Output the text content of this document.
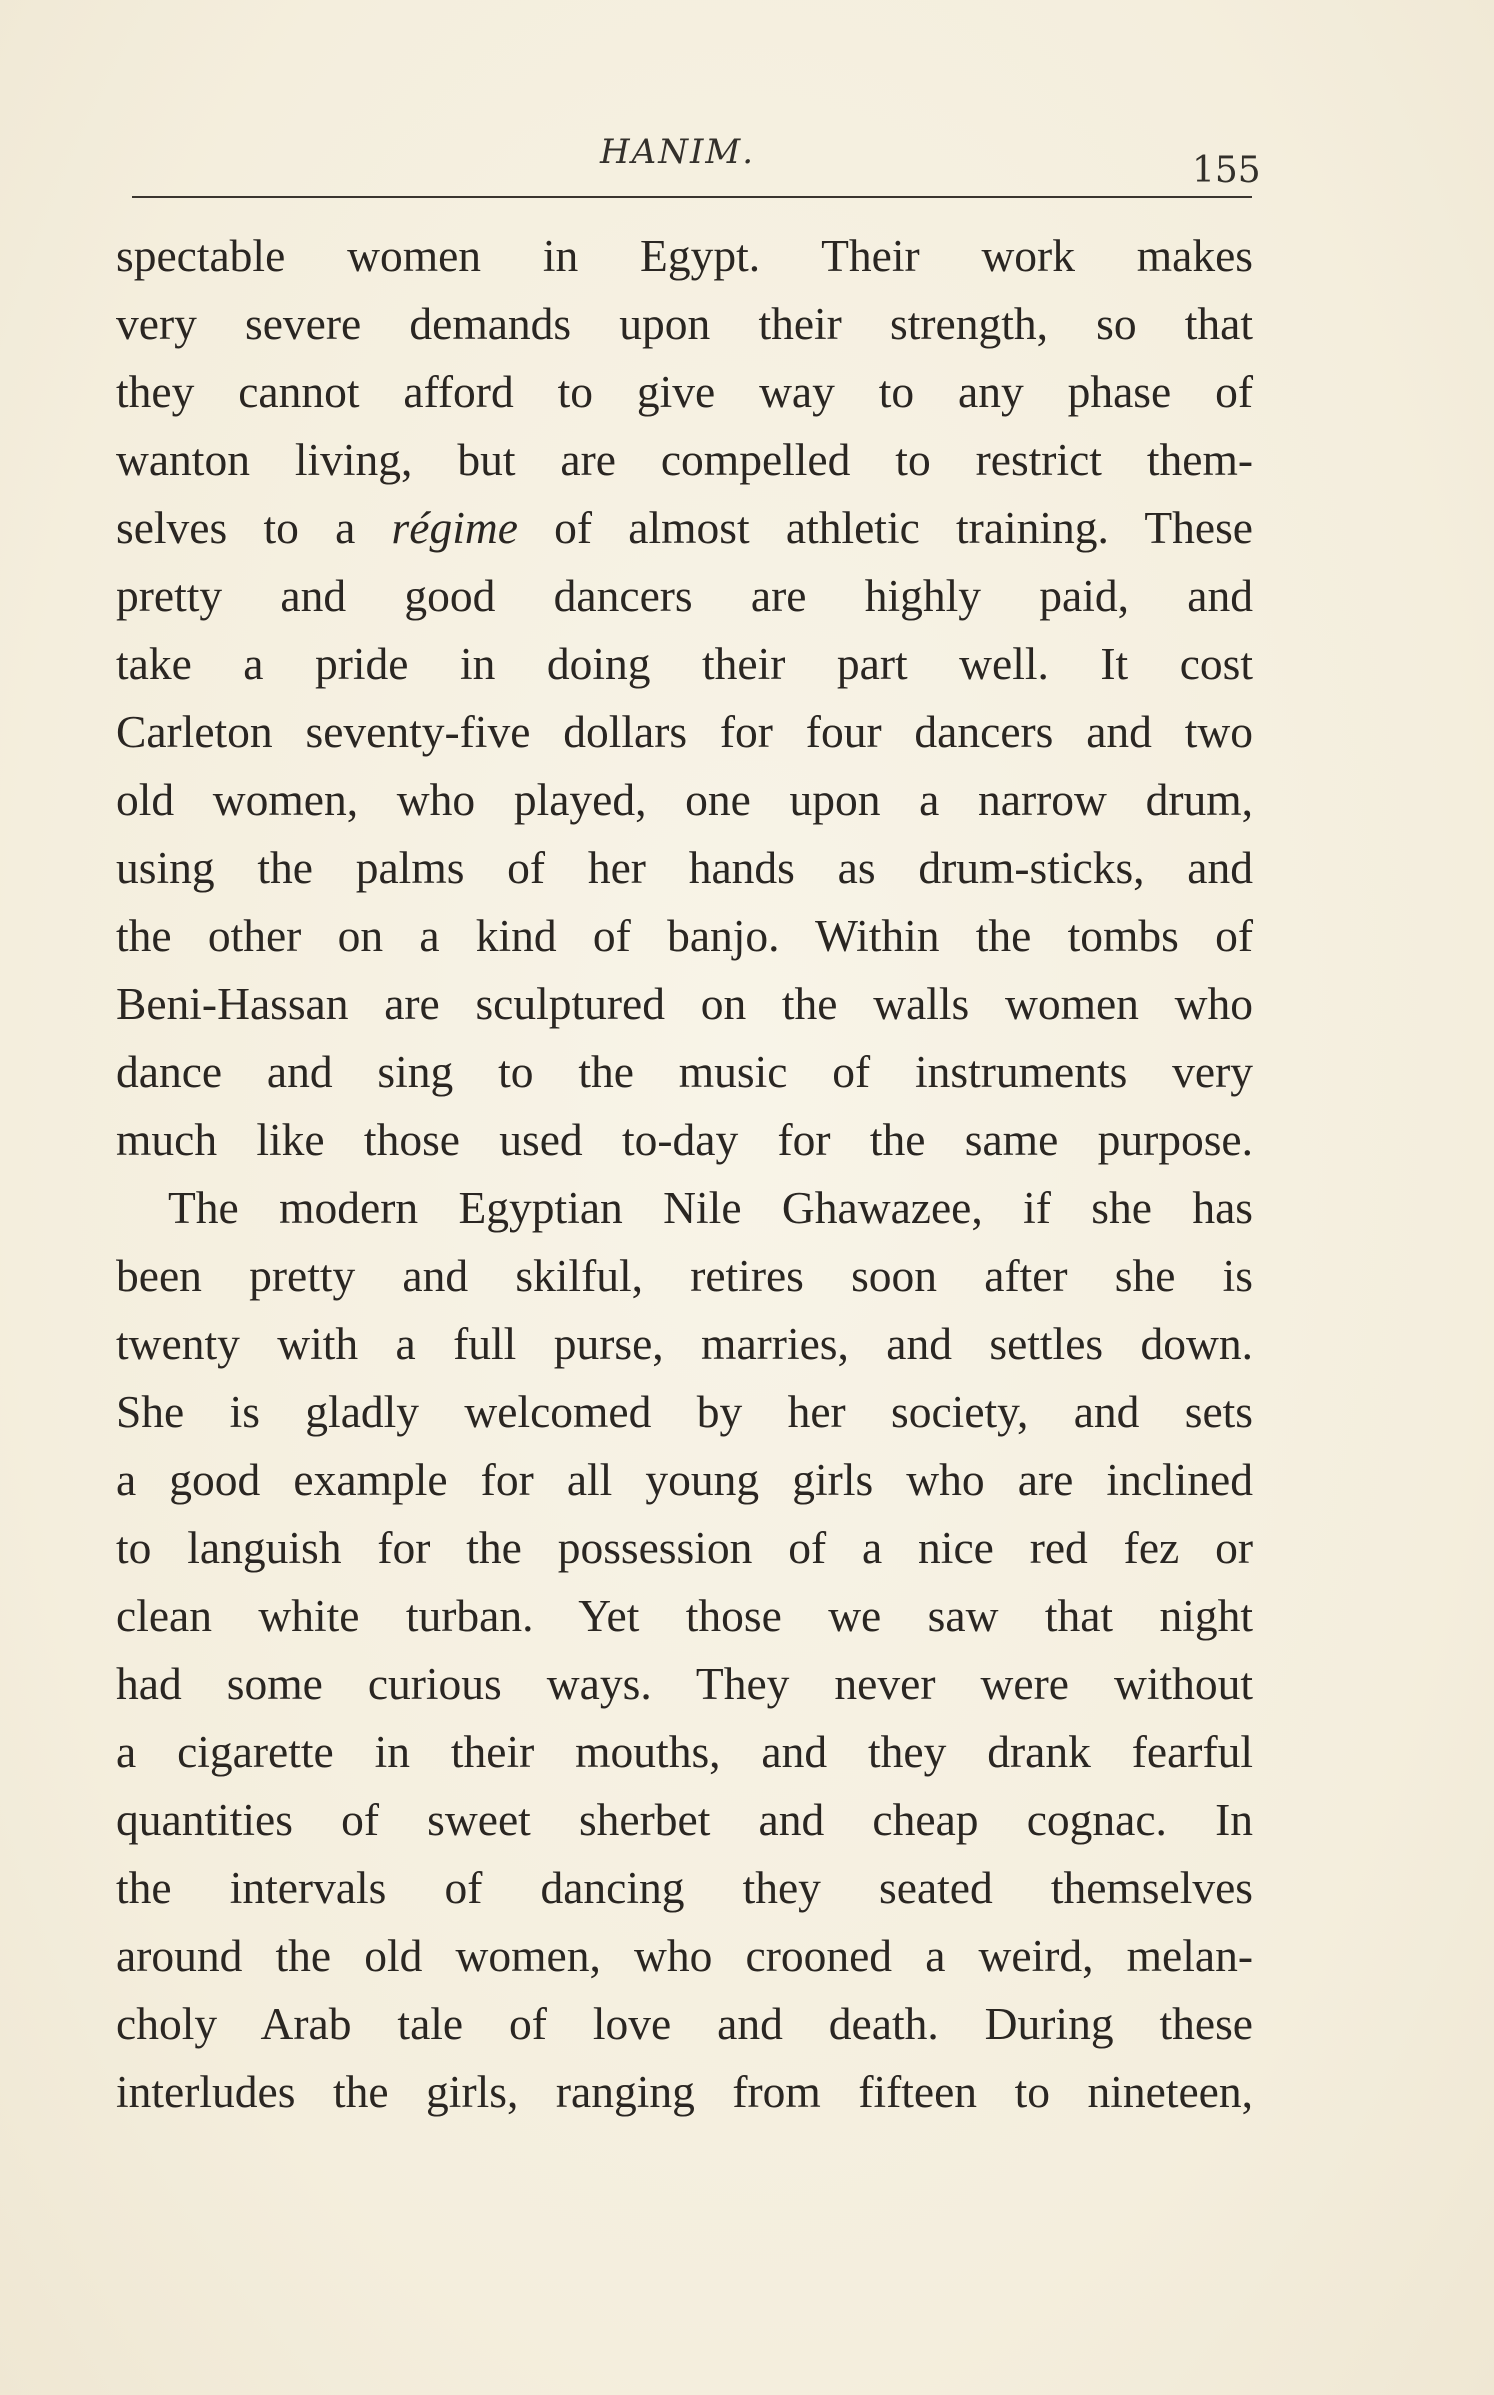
HANIM.	155
spectable women in Egypt. Their work makes
very severe demands upon their strength, so that
they cannot afford to give way to any phase of
wanton living, but are compelled to restrict them-
selves to a régime of almost athletic training. These
pretty and good dancers are highly paid, and
take a pride in doing their part well. It cost
Carleton seventy-five dollars for four dancers and two
old women, who played, one upon a narrow drum,
using the palms of her hands as drum-sticks, and
the other on a kind of banjo. Within the tombs of
Beni-Hassan are sculptured on the walls women who
dance and sing to the music of instruments very
much like those used to-day for the same purpose.
The modern Egyptian Nile Ghawazee, if she has
been pretty and skilful, retires soon after she is
twenty with a full purse, marries, and settles down.
She is gladly welcomed by her society, and sets
a good example for all young girls who are inclined
to languish for the possession of a nice red fez or
clean white turban. Yet those we saw that night
had some curious ways. They never were without
a cigarette in their mouths, and they drank fearful
quantities of sweet sherbet and cheap cognac. In
the intervals of dancing they seated themselves
around the old women, who crooned a weird, melan-
choly Arab tale of love and death. During these
interludes the girls, ranging from fifteen to nineteen,
